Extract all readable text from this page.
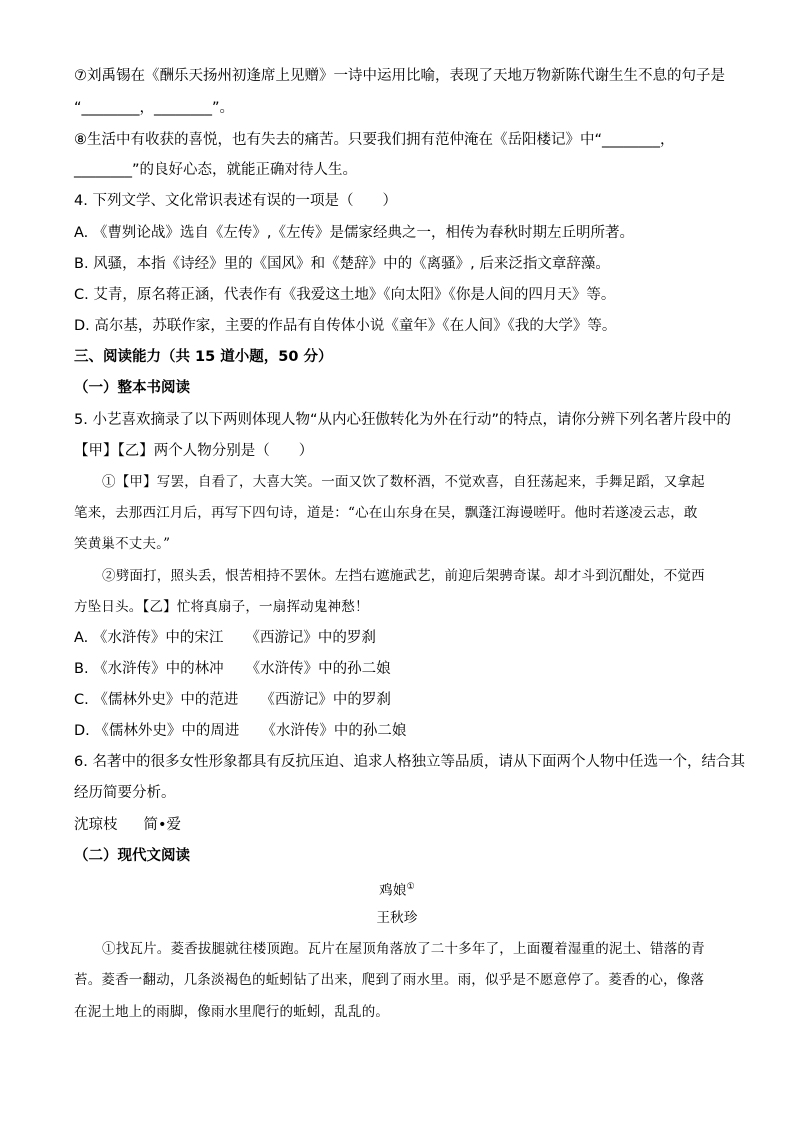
⑦刘禹锡在《酬乐天扬州初逢席上见赠》一诗中运用比喻，表现了天地万物新陈代谢生生不息的句子是
“________，________”。
⑧生活中有收获的喜悦，也有失去的痛苦。只要我们拥有范仲淹在《岳阳楼记》中“________，
________”的良好心态，就能正确对待人生。
4. 下列文学、文化常识表述有误的一项是（　　）
A. 《曹刿论战》选自《左传》,《左传》是儒家经典之一，相传为春秋时期左丘明所著。
B. 风骚，本指《诗经》里的《国风》和《楚辞》中的《离骚》, 后来泛指文章辞藻。
C. 艾青，原名蒋正涵，代表作有《我爱这土地》《向太阳》《你是人间的四月天》等。
D. 高尔基，苏联作家，主要的作品有自传体小说《童年》《在人间》《我的大学》等。
三、阅读能力（共 15 道小题，50 分）
（一）整本书阅读
5. 小艺喜欢摘录了以下两则体现人物“从内心狂傲转化为外在行动”的特点，请你分辨下列名著片段中的
【甲】【乙】两个人物分别是（　　）
①【甲】写罢，自看了，大喜大笑。一面又饮了数杯酒，不觉欢喜，自狂荡起来，手舞足蹈，又拿起
笔来，去那西江月后，再写下四句诗，道是：“心在山东身在吴，飘蓬江海谩嗟吁。他时若遂凌云志，敢
笑黄巢不丈夫。”
②劈面打，照头丢，恨苦相持不罢休。左挡右遮施武艺，前迎后架骋奇谋。却才斗到沉酣处，不觉西
方坠日头。【乙】忙将真扇子，一扇挥动鬼神愁！
A. 《水浒传》中的宋江 《西游记》中的罗刹
B. 《水浒传》中的林冲 《水浒传》中的孙二娘
C. 《儒林外史》中的范进 《西游记》中的罗刹
D. 《儒林外史》中的周进 《水浒传》中的孙二娘
6. 名著中的很多女性形象都具有反抗压迫、追求人格独立等品质，请从下面两个人物中任选一个，结合其
经历简要分析。
沈琼枝 简•爱
（二）现代文阅读
鸡娘①
王秋珍
①找瓦片。菱香拔腿就往楼顶跑。瓦片在屋顶角落放了二十多年了，上面覆着湿重的泥土、错落的青
苔。菱香一翻动，几条淡褐色的蚯蚓钻了出来，爬到了雨水里。雨，似乎是不愿意停了。菱香的心，像落
在泥土地上的雨脚，像雨水里爬行的蚯蚓，乱乱的。
